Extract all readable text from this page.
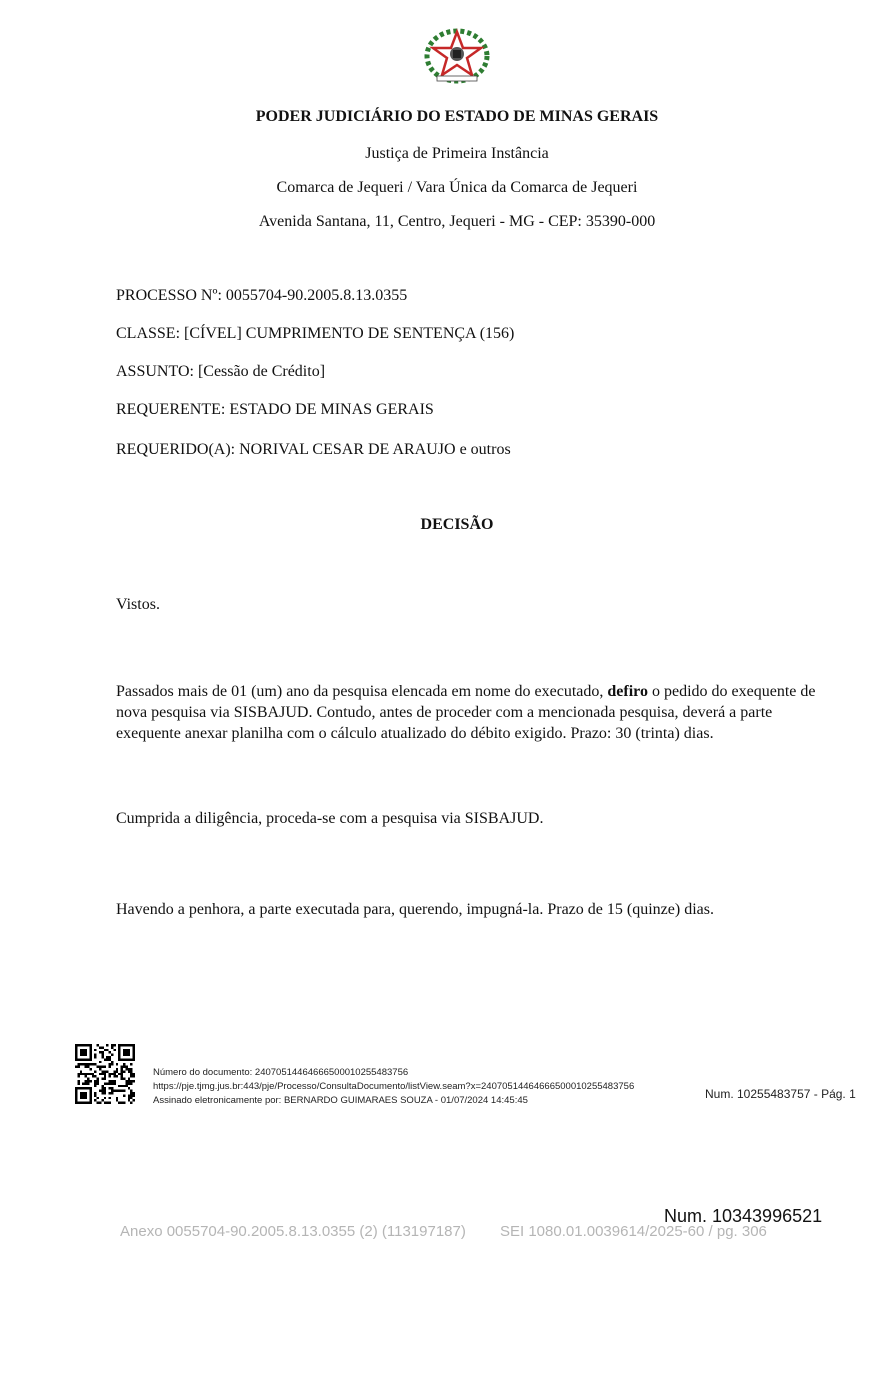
PODER JUDICIÁRIO DO ESTADO DE MINAS GERAIS
Justiça de Primeira Instância
Comarca de Jequeri / Vara Única da Comarca de Jequeri
Avenida Santana, 11, Centro, Jequeri - MG - CEP: 35390-000
PROCESSO Nº: 0055704-90.2005.8.13.0355
CLASSE: [CÍVEL] CUMPRIMENTO DE SENTENÇA (156)
ASSUNTO: [Cessão de Crédito]
REQUERENTE: ESTADO DE MINAS GERAIS
REQUERIDO(A): NORIVAL CESAR DE ARAUJO e outros
DECISÃO
Vistos.
Passados mais de 01 (um) ano da pesquisa elencada em nome do executado, defiro o pedido do exequente de nova pesquisa via SISBAJUD. Contudo, antes de proceder com a mencionada pesquisa, deverá a parte exequente anexar planilha com o cálculo atualizado do débito exigido. Prazo: 30 (trinta) dias.
Cumprida a diligência, proceda-se com a pesquisa via SISBAJUD.
Havendo a penhora, a parte executada para, querendo, impugná-la. Prazo de 15 (quinze) dias.
Número do documento: 24070514464666500010255483756
https://pje.tjmg.jus.br:443/pje/Processo/ConsultaDocumento/listView.seam?x=24070514464666500010255483756
Assinado eletronicamente por: BERNARDO GUIMARAES SOUZA - 01/07/2024 14:45:45	Num. 10255483757 - Pág. 1
Num. 10343996521
Anexo 0055704-90.2005.8.13.0355 (2) (113197187) SEI 1080.01.0039614/2025-60 / pg. 306
